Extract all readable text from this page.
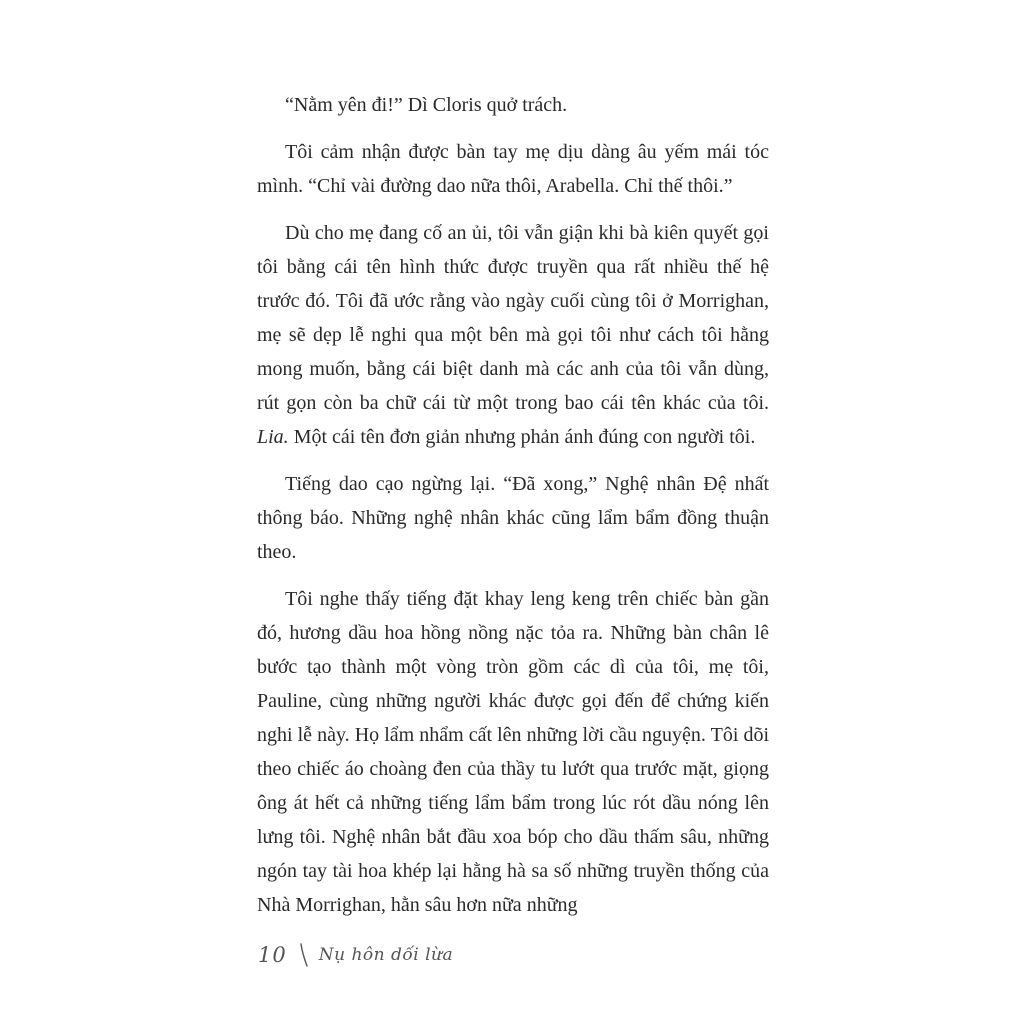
“Nằm yên đi!” Dì Cloris quở trách.

Tôi cảm nhận được bàn tay mẹ dịu dàng âu yếm mái tóc mình. “Chỉ vài đường dao nữa thôi, Arabella. Chỉ thế thôi.”

Dù cho mẹ đang cố an ủi, tôi vẫn giận khi bà kiên quyết gọi tôi bằng cái tên hình thức được truyền qua rất nhiều thế hệ trước đó. Tôi đã ước rằng vào ngày cuối cùng tôi ở Morrighan, mẹ sẽ dẹp lễ nghi qua một bên mà gọi tôi như cách tôi hằng mong muốn, bằng cái biệt danh mà các anh của tôi vẫn dùng, rút gọn còn ba chữ cái từ một trong bao cái tên khác của tôi. Lia. Một cái tên đơn giản nhưng phản ánh đúng con người tôi.

Tiếng dao cạo ngừng lại. “Đã xong,” Nghệ nhân Đệ nhất thông báo. Những nghệ nhân khác cũng lẩm bẩm đồng thuận theo.

Tôi nghe thấy tiếng đặt khay leng keng trên chiếc bàn gần đó, hương dầu hoa hồng nồng nặc tỏa ra. Những bàn chân lê bước tạo thành một vòng tròn gồm các dì của tôi, mẹ tôi, Pauline, cùng những người khác được gọi đến để chứng kiến nghi lễ này. Họ lẩm nhẩm cất lên những lời cầu nguyện. Tôi dõi theo chiếc áo choàng đen của thầy tu lướt qua trước mặt, giọng ông át hết cả những tiếng lẩm bẩm trong lúc rót dầu nóng lên lưng tôi. Nghệ nhân bắt đầu xoa bóp cho dầu thấm sâu, những ngón tay tài hoa khép lại hằng hà sa số những truyền thống của Nhà Morrighan, hằn sâu hơn nữa những

10 Nụ hôn dối lừa
